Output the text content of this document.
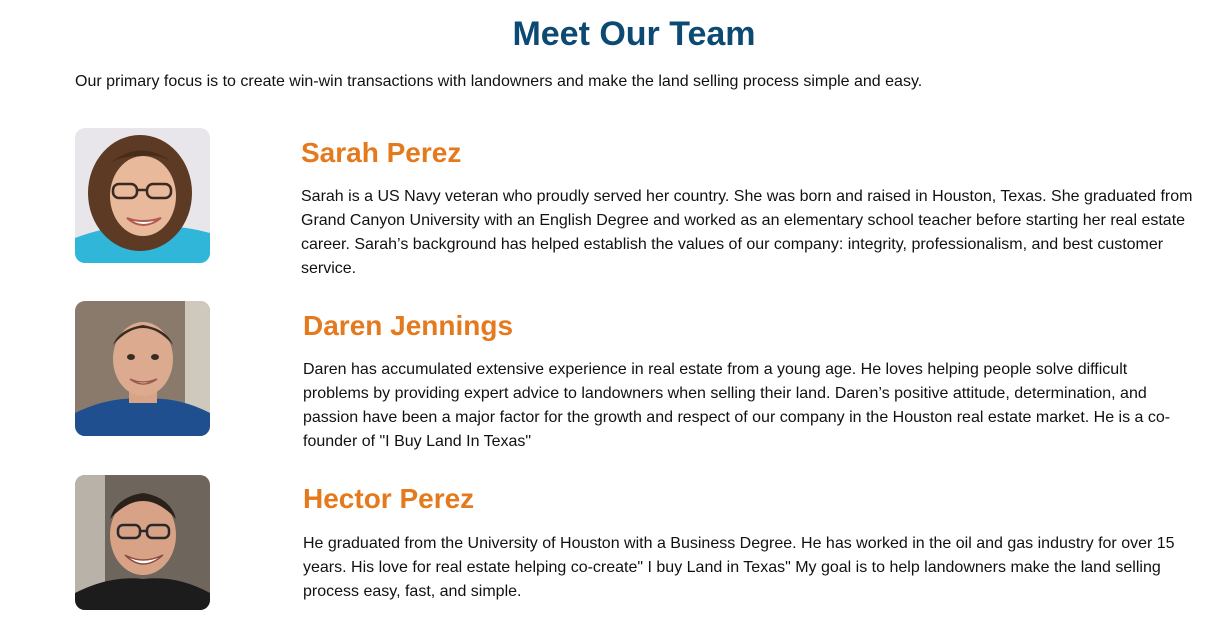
Meet Our Team

Our primary focus is to create win-win transactions with landowners and make the land selling process simple and easy.

Sarah Perez

Sarah is a US Navy veteran who proudly served her country. She was born and raised in Houston, Texas. She graduated from Grand Canyon University with an English Degree and worked as an elementary school teacher before starting her real estate career. Sarah’s background has helped establish the values of our company: integrity, professionalism, and best customer service.

Daren Jennings

Daren has accumulated extensive experience in real estate from a young age. He loves helping people solve difficult problems by providing expert advice to landowners when selling their land. Daren’s positive attitude, determination, and passion have been a major factor for the growth and respect of our company in the Houston real estate market. He is a co-founder of "I Buy Land In Texas"

Hector Perez

He graduated from the University of Houston with a Business Degree. He has worked in the oil and gas industry for over 15 years. His love for real estate helping co-create" I buy Land in Texas" My goal is to help landowners make the land selling process easy, fast, and simple.
